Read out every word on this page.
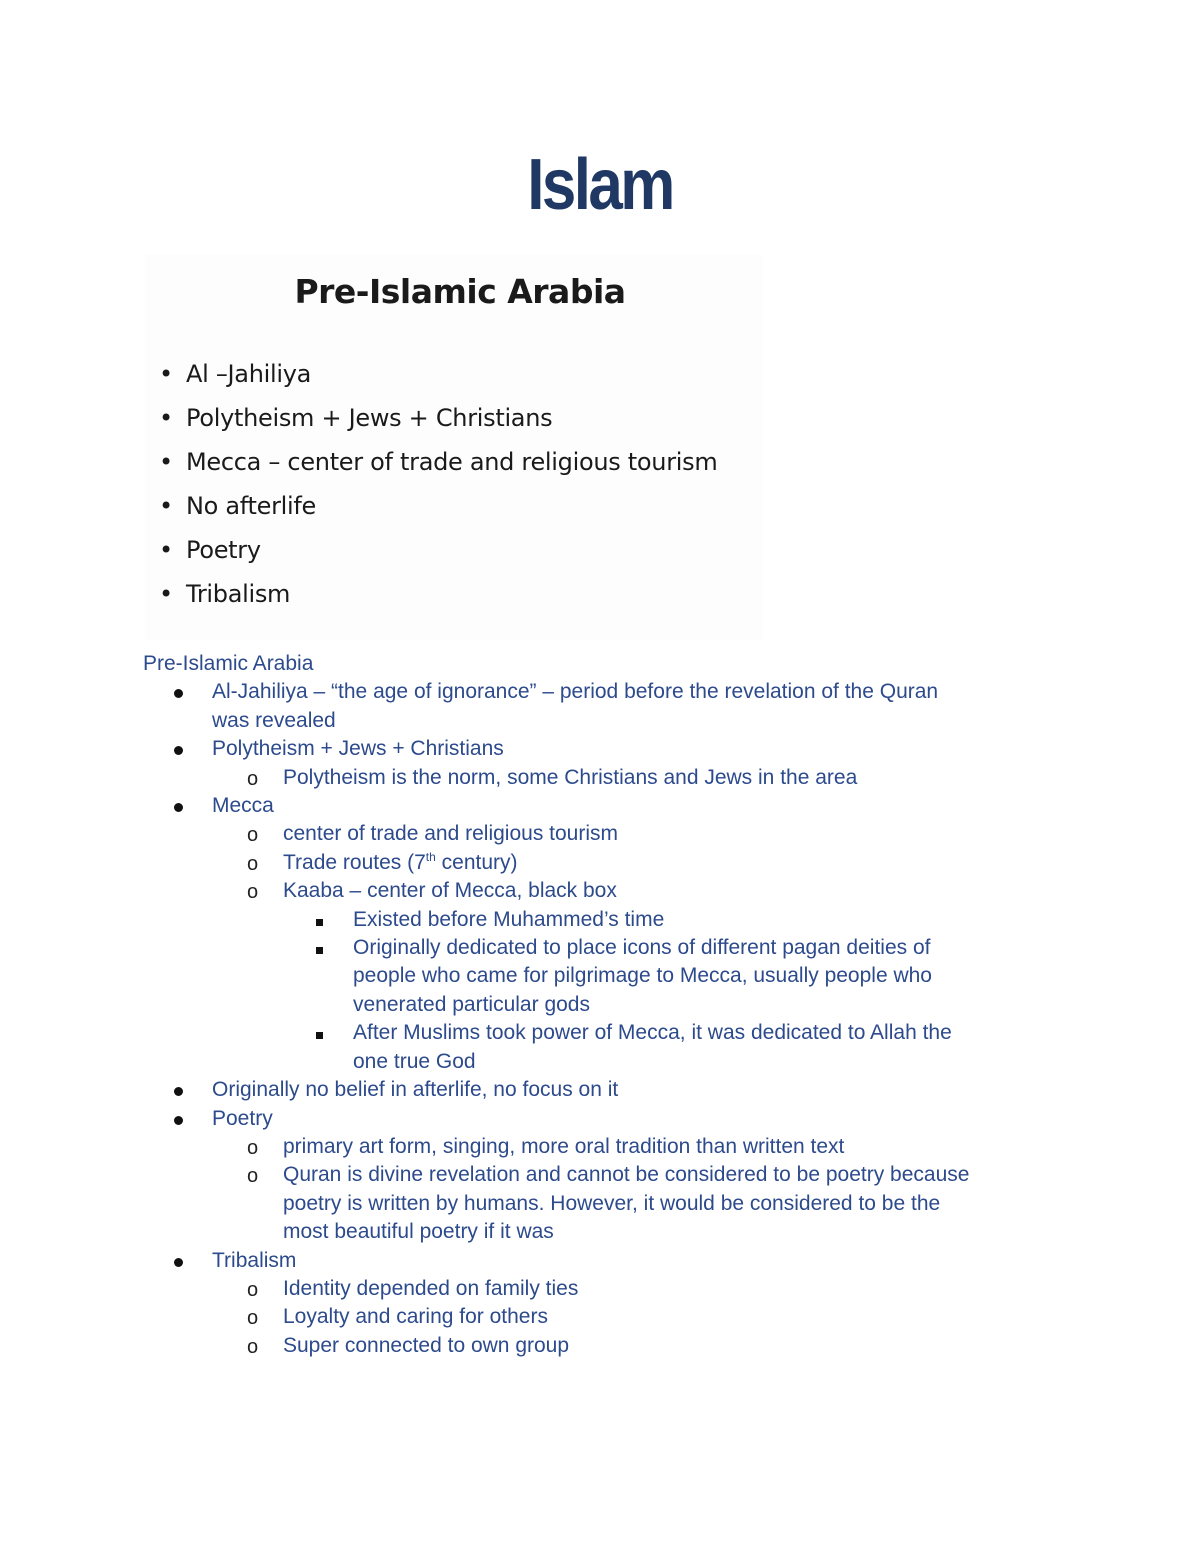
Islam
Pre-Islamic Arabia
• Al –Jahiliya
• Polytheism + Jews + Christians
• Mecca – center of trade and religious tourism
• No afterlife
• Poetry
• Tribalism
Pre-Islamic Arabia
Al-Jahiliya – “the age of ignorance” – period before the revelation of the Quran
was revealed
Polytheism + Jews + Christians
o Polytheism is the norm, some Christians and Jews in the area
Mecca
o center of trade and religious tourism
o Trade routes (7th century)
o Kaaba – center of Mecca, black box
Existed before Muhammed’s time
Originally dedicated to place icons of different pagan deities of
people who came for pilgrimage to Mecca, usually people who
venerated particular gods
After Muslims took power of Mecca, it was dedicated to Allah the
one true God
Originally no belief in afterlife, no focus on it
Poetry
o primary art form, singing, more oral tradition than written text
o Quran is divine revelation and cannot be considered to be poetry because
poetry is written by humans. However, it would be considered to be the
most beautiful poetry if it was
Tribalism
o Identity depended on family ties
o Loyalty and caring for others
o Super connected to own group
